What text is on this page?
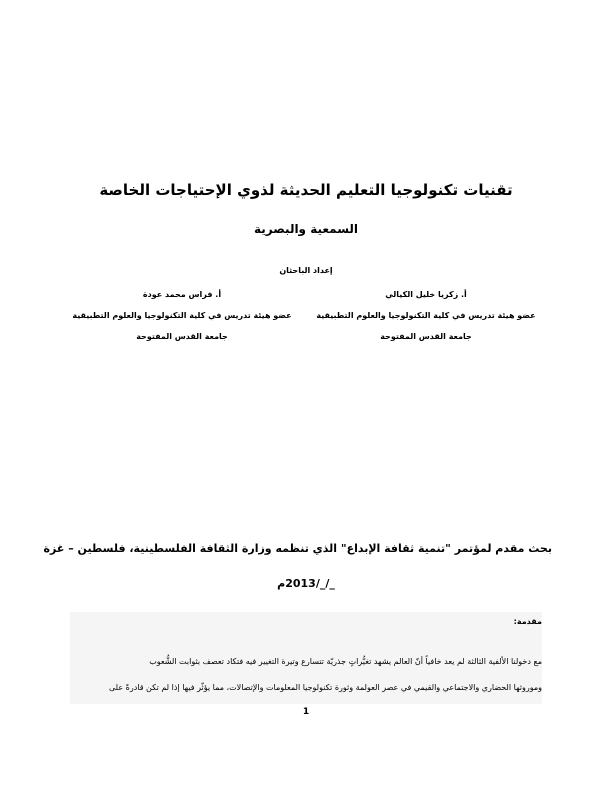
تقنيات تكنولوجيا التعليم الحديثة لذوي الإحتياجات الخاصة
السمعية والبصرية
إعداد الباحثان
أ. زكريا خليل الكيالي
عضو هيئة تدريس في كلية التكنولوجيا والعلوم التطبيقية
جامعة القدس المفتوحة
أ. فراس محمد عودة
عضو هيئة تدريس في كلية التكنولوجيا والعلوم التطبيقية
جامعة القدس المفتوحة
بحث مقدم لمؤتمر "تنمية ثقافة الإبداع" الذي تنظمه وزارة الثقافة الفلسطينية، فلسطين – غزة
_/_/2013م
مقدمة:
مع دخولنا الألفية الثالثة لم يعد خافياً أنّ العالم يشهد تغيُّراتٍ جذريّة تتسارع وتيرة التغيير فيه فتكاد تعصف بثوابت الشُّعوب
وموروثها الحضاري والاجتماعي والقيمي في عصر العولمة وثورة تكنولوجيا المعلومات والإتصالات، مما يؤثّر فيها إذا لم تكن قادرةً على
1
